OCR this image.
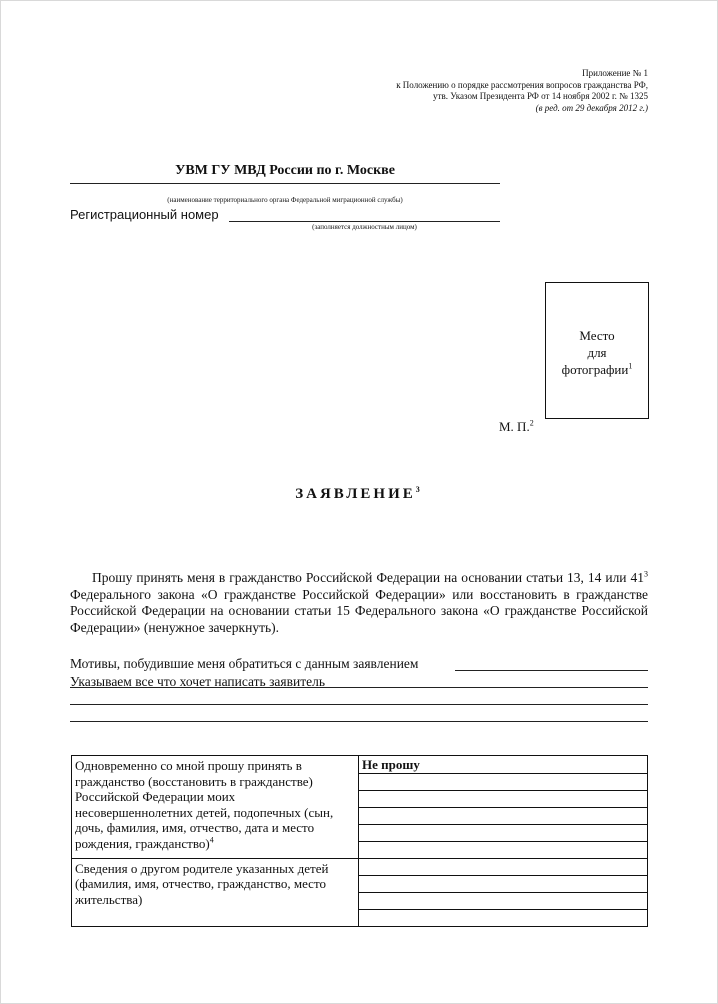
Приложение № 1
к Положению о порядке рассмотрения вопросов гражданства РФ,
утв. Указом Президента РФ от 14 ноября 2002 г. № 1325
(в ред. от 29 декабря 2012 г.)
УВМ ГУ МВД России по г. Москве
(наименование территориального органа Федеральной миграционной службы)
Регистрационный номер
(заполняется должностным лицом)
Место
для
фотографии$^1$
М. П.$^2$
ЗАЯВЛЕНИЕ$^3$
Прошу принять меня в гражданство Российской Федерации на основании статьи 13, 14 или $41^3$ Федерального закона «О гражданстве Российской Федерации» или восстановить в гражданстве Российской Федерации на основании статьи 15 Федерального закона «О гражданстве Российской Федерации» (ненужное зачеркнуть).
Мотивы, побудившие меня обратиться с данным заявлением
Указываем все что хочет написать заявитель
Одновременно со мной прошу принять в гражданство (восстановить в гражданстве) Российской Федерации моих несовершеннолетних детей, подопечных (сын, дочь, фамилия, имя, отчество, дата и место рождения, гражданство)$^4$	Не прошу

Сведения о другом родителе указанных детей (фамилия, имя, отчество, гражданство, место жительства)	
